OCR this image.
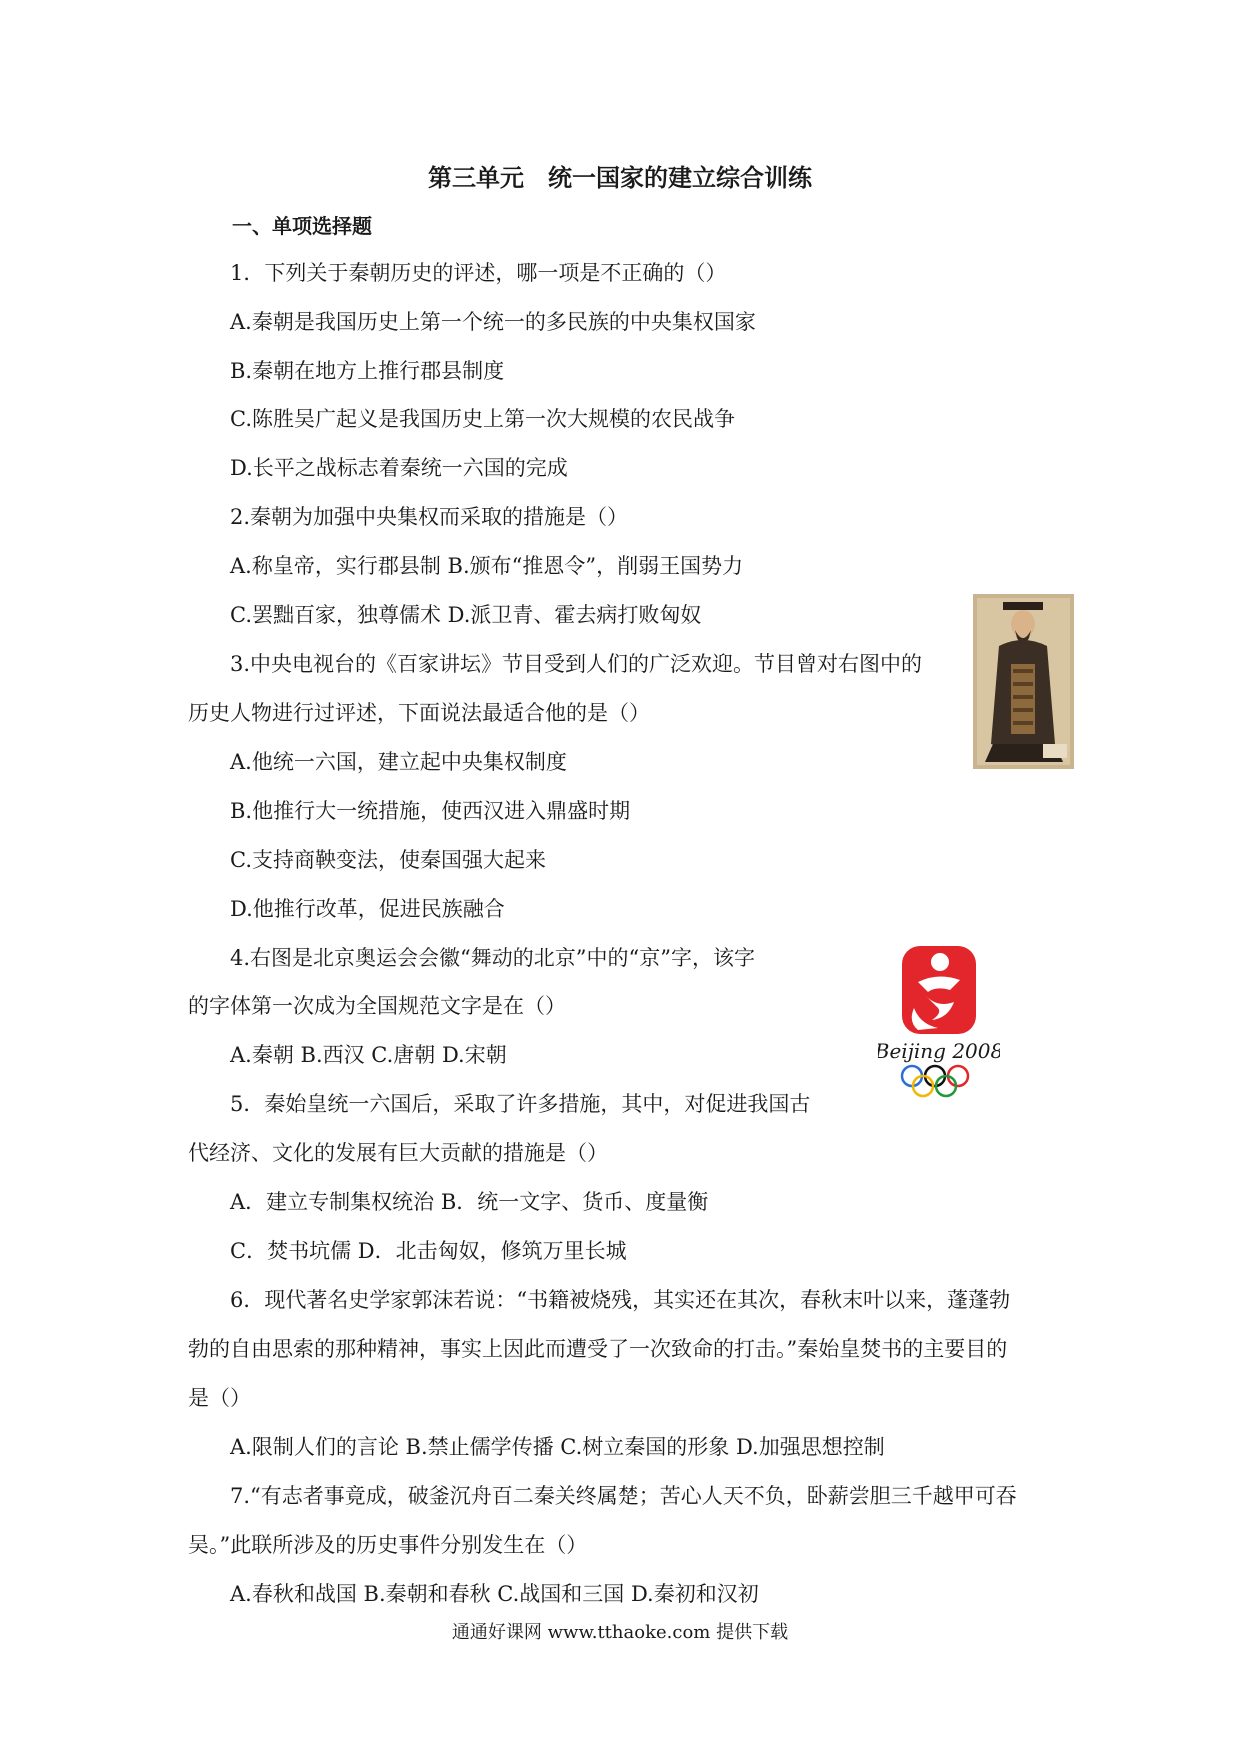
第三单元　统一国家的建立综合训练
一、单项选择题
1．下列关于秦朝历史的评述，哪一项是不正确的（）
A.秦朝是我国历史上第一个统一的多民族的中央集权国家
B.秦朝在地方上推行郡县制度
C.陈胜吴广起义是我国历史上第一次大规模的农民战争
D.长平之战标志着秦统一六国的完成
2.秦朝为加强中央集权而采取的措施是（）
A.称皇帝，实行郡县制 B.颁布“推恩令”，削弱王国势力
C.罢黜百家，独尊儒术 D.派卫青、霍去病打败匈奴
3.中央电视台的《百家讲坛》节目受到人们的广泛欢迎。节目曾对右图中的
历史人物进行过评述，下面说法最适合他的是（）
A.他统一六国，建立起中央集权制度
B.他推行大一统措施，使西汉进入鼎盛时期
C.支持商鞅变法，使秦国强大起来
D.他推行改革，促进民族融合
4.右图是北京奥运会会徽“舞动的北京”中的“京”字，该字
的字体第一次成为全国规范文字是在（）
A.秦朝 B.西汉 C.唐朝 D.宋朝
5．秦始皇统一六国后，采取了许多措施，其中，对促进我国古
代经济、文化的发展有巨大贡献的措施是（）
A．建立专制集权统治 B．统一文字、货币、度量衡
C．焚书坑儒 D．北击匈奴，修筑万里长城
6．现代著名史学家郭沫若说：“书籍被烧残，其实还在其次，春秋末叶以来，蓬蓬勃
勃的自由思索的那种精神，事实上因此而遭受了一次致命的打击。”秦始皇焚书的主要目的
是（）
A.限制人们的言论 B.禁止儒学传播 C.树立秦国的形象 D.加强思想控制
7.“有志者事竟成，破釜沉舟百二秦关终属楚；苦心人天不负，卧薪尝胆三千越甲可吞
吴。”此联所涉及的历史事件分别发生在（）
A.春秋和战国 B.秦朝和春秋 C.战国和三国 D.秦初和汉初
Beijing 2008
通通好课网 www.tthaoke.com 提供下载
